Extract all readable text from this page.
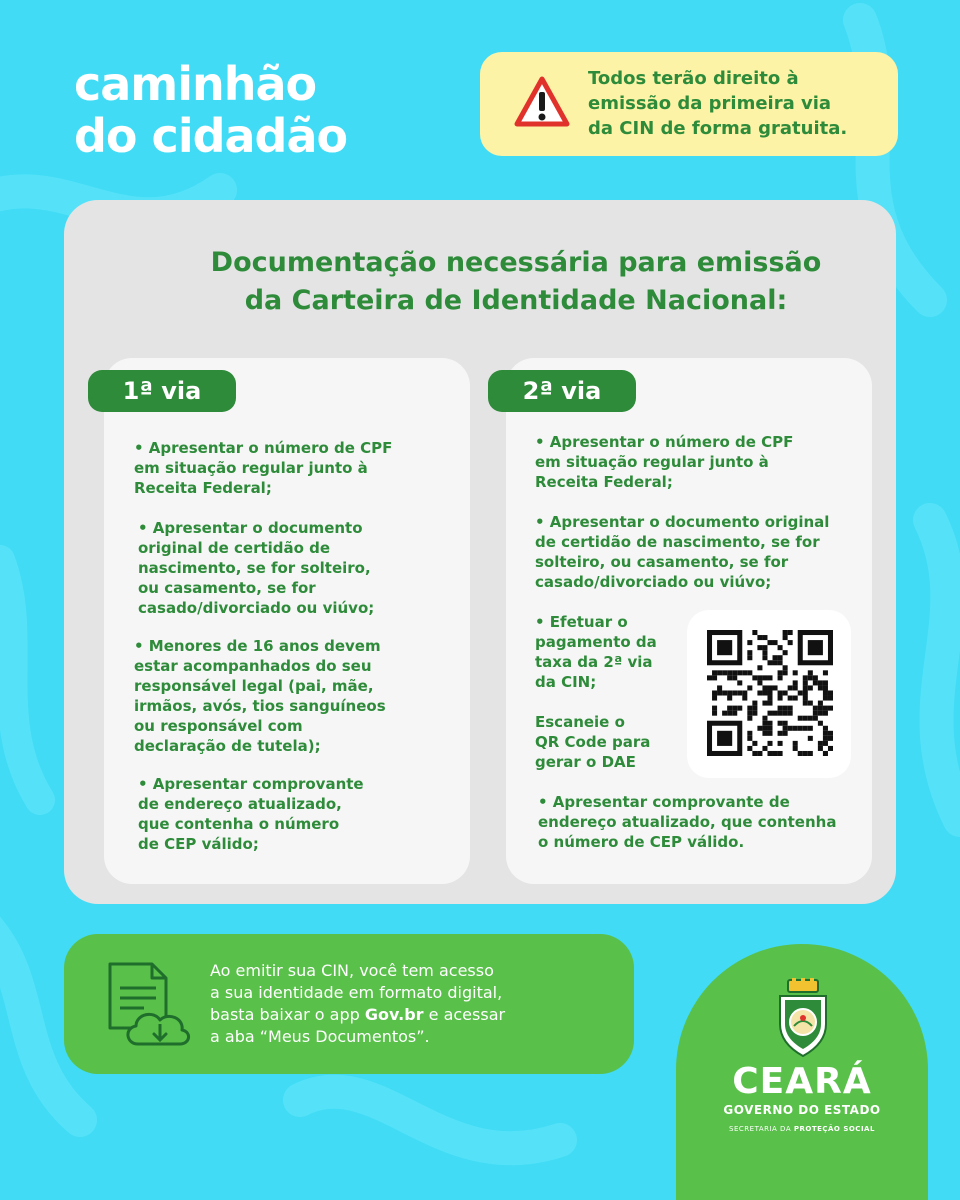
caminhão
do cidadão
Todos terão direito à
emissão da primeira via
da CIN de forma gratuita.
Documentação necessária para emissão
da Carteira de Identidade Nacional:
1ª via	2ª via
• Apresentar o número de CPF
em situação regular junto à
Receita Federal;
• Apresentar o documento
original de certidão de
nascimento, se for solteiro,
ou casamento, se for
casado/divorciado ou viúvo;
• Menores de 16 anos devem
estar acompanhados do seu
responsável legal (pai, mãe,
irmãos, avós, tios sanguíneos
ou responsável com
declaração de tutela);
• Apresentar comprovante
de endereço atualizado,
que contenha o número
de CEP válido;
• Apresentar o número de CPF
em situação regular junto à
Receita Federal;
• Apresentar o documento original
de certidão de nascimento, se for
solteiro, ou casamento, se for
casado/divorciado ou viúvo;
• Efetuar o
pagamento da
taxa da 2ª via
da CIN;
Escaneie o
QR Code para
gerar o DAE
• Apresentar comprovante de
endereço atualizado, que contenha
o número de CEP válido.
Ao emitir sua CIN, você tem acesso
a sua identidade em formato digital,
basta baixar o app Gov.br e acessar
a aba “Meus Documentos”.
CEARÁ
GOVERNO DO ESTADO
SECRETARIA DA PROTEÇÃO SOCIAL
